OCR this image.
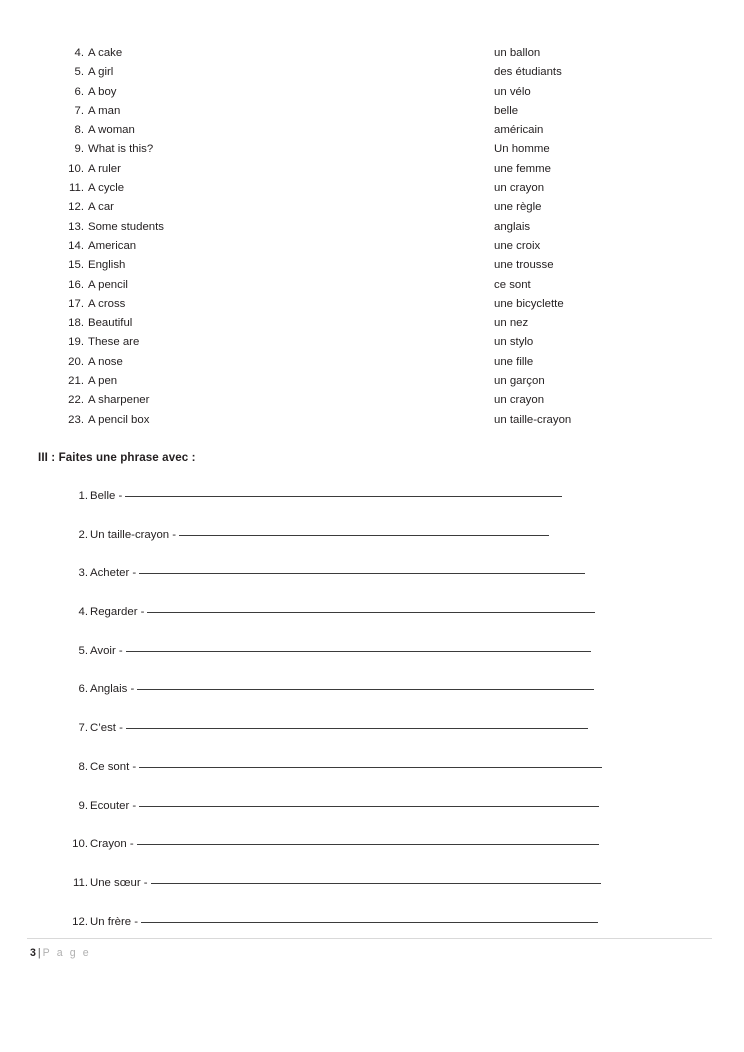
4. A cake	un ballon
5. A girl	des étudiants
6. A boy	un vélo
7. A man	belle
8. A woman	américain
9. What is this?	Un homme
10. A ruler	une femme
11. A cycle	un crayon
12. A car	une règle
13. Some students	anglais
14. American	une croix
15. English	une trousse
16. A pencil	ce sont
17. A cross	une bicyclette
18. Beautiful	un nez
19. These are	un stylo
20. A nose	une fille
21. A pen	un garçon
22. A sharpener	un crayon
23. A pencil box	un taille-crayon
III : Faites une phrase avec :
1. Belle -
2. Un taille-crayon -
3. Acheter -
4. Regarder -
5. Avoir -
6. Anglais -
7. C’est -
8. Ce sont -
9. Ecouter -
10. Crayon -
11. Une sœur -
12. Un frère -
3 | P a g e
